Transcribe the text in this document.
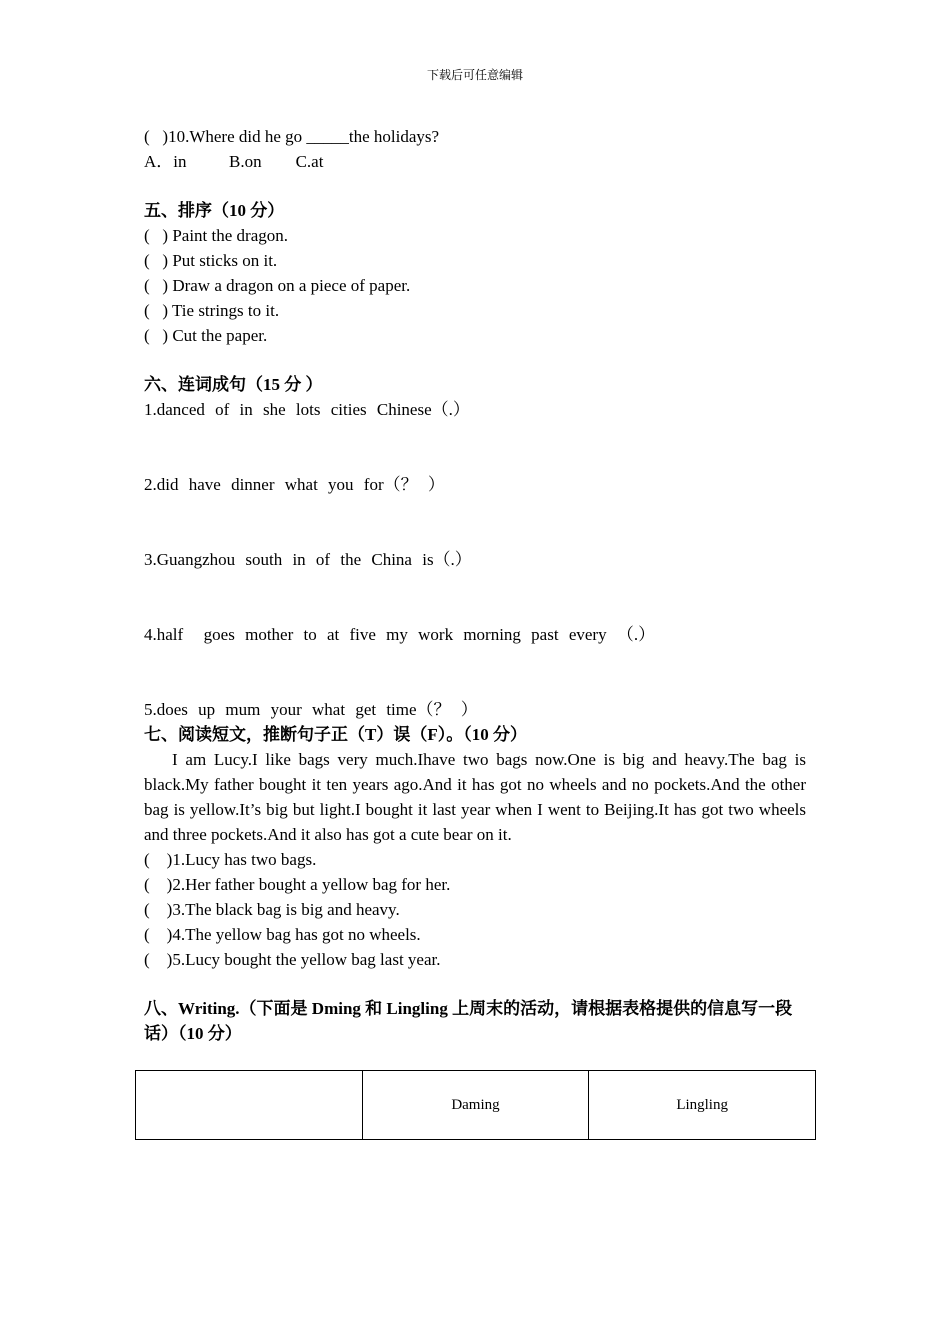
下载后可任意编辑
(   )10.Where did he go _____the holidays?
A．in          B.on        C.at
五、排序（10 分）
(   ) Paint the dragon.
(   ) Put sticks on it.
(   ) Draw a dragon on a piece of paper.
(   ) Tie strings to it.
(   ) Cut the paper.
六、连词成句（15 分 ）
1.danced of in she lots cities Chinese（.）
2.did have dinner what you for（？ ）
3.Guangzhou south in of the China is（.）
4.half  goes mother to at five my work morning past every （.）
5.does up mum your what get time（？ ）
七、阅读短文，推断句子正（T）误（F）。（10 分）
I am Lucy.I like bags very much.Ihave two bags now.One is big and heavy.The bag is black.My father bought it ten years ago.And it has got no wheels and no pockets.And the other bag is yellow.It’s big but light.I bought it last year when I went to Beijing.It has got two wheels and three pockets.And it also has got a cute bear on it.
(    )1.Lucy has two bags.
(    )2.Her father bought a yellow bag for her.
(    )3.The black bag is big and heavy.
(    )4.The yellow bag has got no wheels.
(    )5.Lucy bought the yellow bag last year.
八、Writing.（下面是 Dming 和 Lingling 上周末的活动，请根据表格提供的信息写一段话）（10 分）
	Daming	Lingling
